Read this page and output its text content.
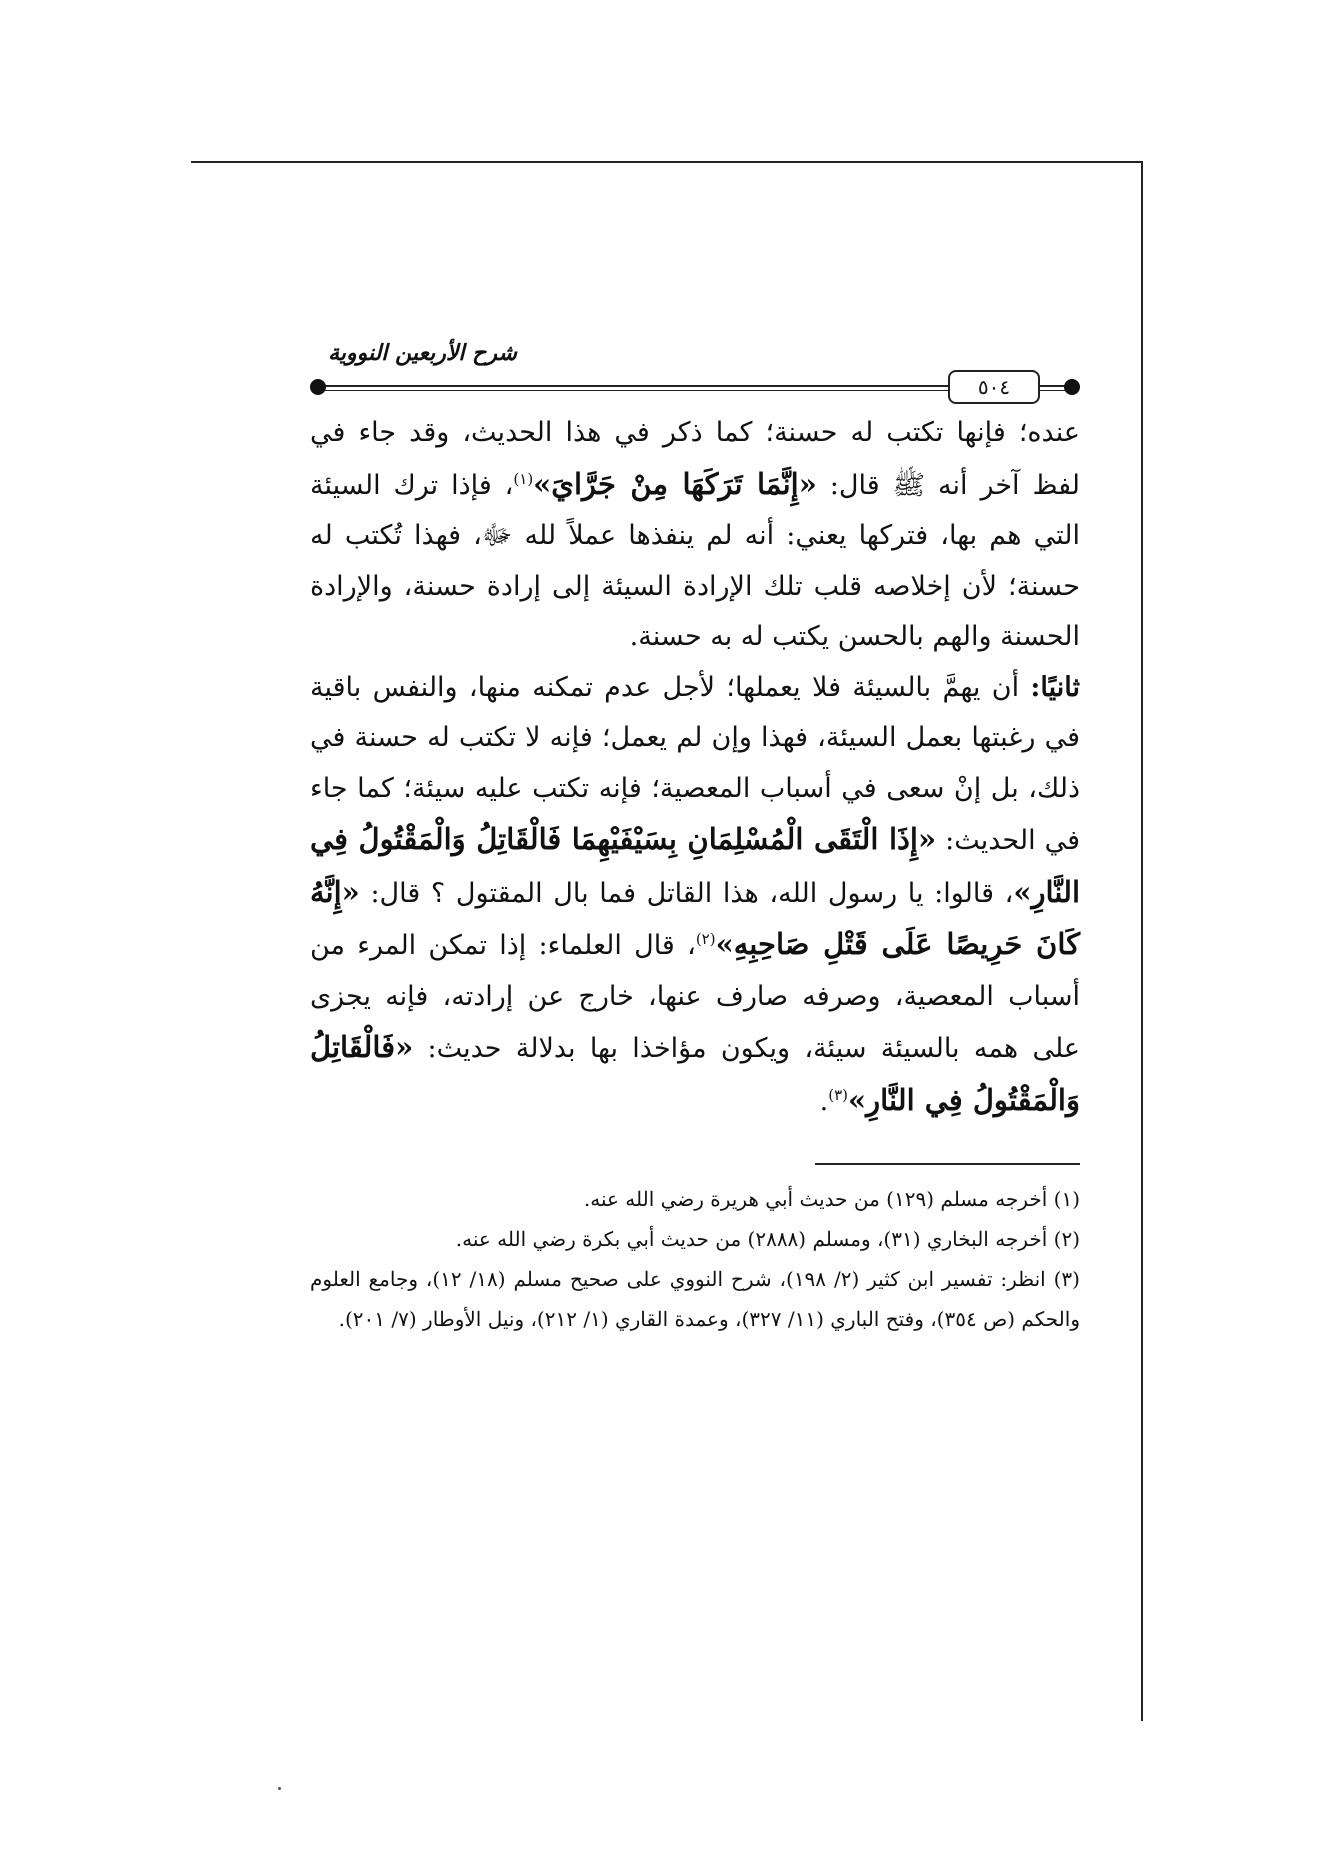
شرح الأربعين النووية
٥٠٤

عنده؛ فإنها تكتب له حسنة؛ كما ذكر في هذا الحديث، وقد جاء في لفظ آخر أنه ﷺ قال: «إِنَّمَا تَرَكَهَا مِنْ جَرَّايَ»$^{(١)}$، فإذا ترك السيئة التي هم بها، فتركها يعني: أنه لم ينفذها عملاً لله ﷻ، فهذا تُكتب له حسنة؛ لأن إخلاصه قلب تلك الإرادة السيئة إلى إرادة حسنة، والإرادة الحسنة والهم بالحسن يكتب له به حسنة.

ثانيًا: أن يهمَّ بالسيئة فلا يعملها؛ لأجل عدم تمكنه منها، والنفس باقية في رغبتها بعمل السيئة، فهذا وإن لم يعمل؛ فإنه لا تكتب له حسنة في ذلك، بل إنْ سعى في أسباب المعصية؛ فإنه تكتب عليه سيئة؛ كما جاء في الحديث: «إِذَا الْتَقَى الْمُسْلِمَانِ بِسَيْفَيْهِمَا فَالْقَاتِلُ وَالْمَقْتُولُ فِي النَّارِ»، قالوا: يا رسول الله، هذا القاتل فما بال المقتول ؟ قال: «إِنَّهُ كَانَ حَرِيصًا عَلَى قَتْلِ صَاحِبِهِ»$^{(٢)}$، قال العلماء: إذا تمكن المرء من أسباب المعصية، وصرفه صارف عنها، خارج عن إرادته، فإنه يجزى على همه بالسيئة سيئة، ويكون مؤاخذا بها بدلالة حديث: «فَالْقَاتِلُ وَالْمَقْتُولُ فِي النَّارِ»$^{(٣)}$.

(١) أخرجه مسلم (١٢٩) من حديث أبي هريرة رضي الله عنه.

(٢) أخرجه البخاري (٣١)، ومسلم (٢٨٨٨) من حديث أبي بكرة رضي الله عنه.

(٣) انظر: تفسير ابن كثير (٢/ ١٩٨)، شرح النووي على صحيح مسلم (١٨/ ١٢)، وجامع العلوم والحكم (ص ٣٥٤)، وفتح الباري (١١/ ٣٢٧)، وعمدة القاري (١/ ٢١٢)، ونيل الأوطار (٧/ ٢٠١).
